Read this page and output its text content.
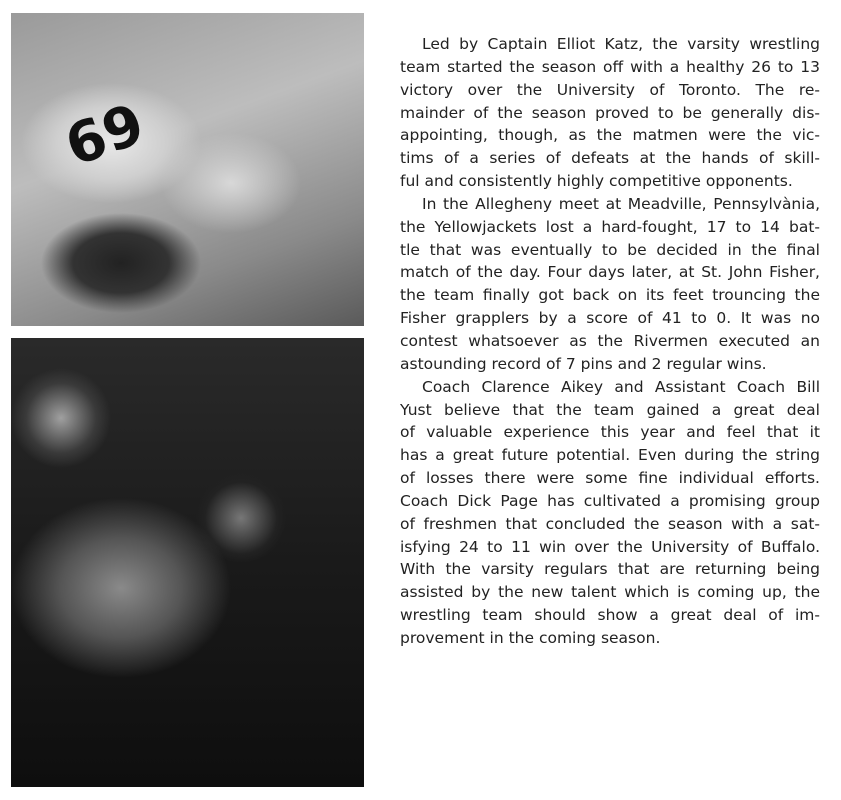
69
Led by Captain Elliot Katz, the varsity wrestling
team started the season off with a healthy 26 to 13
victory over the University of Toronto. The re-
mainder of the season proved to be generally dis-
appointing, though, as the matmen were the vic-
tims of a series of defeats at the hands of skill-
ful and consistently highly competitive opponents.
In the Allegheny meet at Meadville, Pennsylvània,
the Yellowjackets lost a hard-fought, 17 to 14 bat-
tle that was eventually to be decided in the final
match of the day. Four days later, at St. John Fisher,
the team finally got back on its feet trouncing the
Fisher grapplers by a score of 41 to 0. It was no
contest whatsoever as the Rivermen executed an
astounding record of 7 pins and 2 regular wins.
Coach Clarence Aikey and Assistant Coach Bill
Yust believe that the team gained a great deal
of valuable experience this year and feel that it
has a great future potential. Even during the string
of losses there were some fine individual efforts.
Coach Dick Page has cultivated a promising group
of freshmen that concluded the season with a sat-
isfying 24 to 11 win over the University of Buffalo.
With the varsity regulars that are returning being
assisted by the new talent which is coming up, the
wrestling team should show a great deal of im-
provement in the coming season.
